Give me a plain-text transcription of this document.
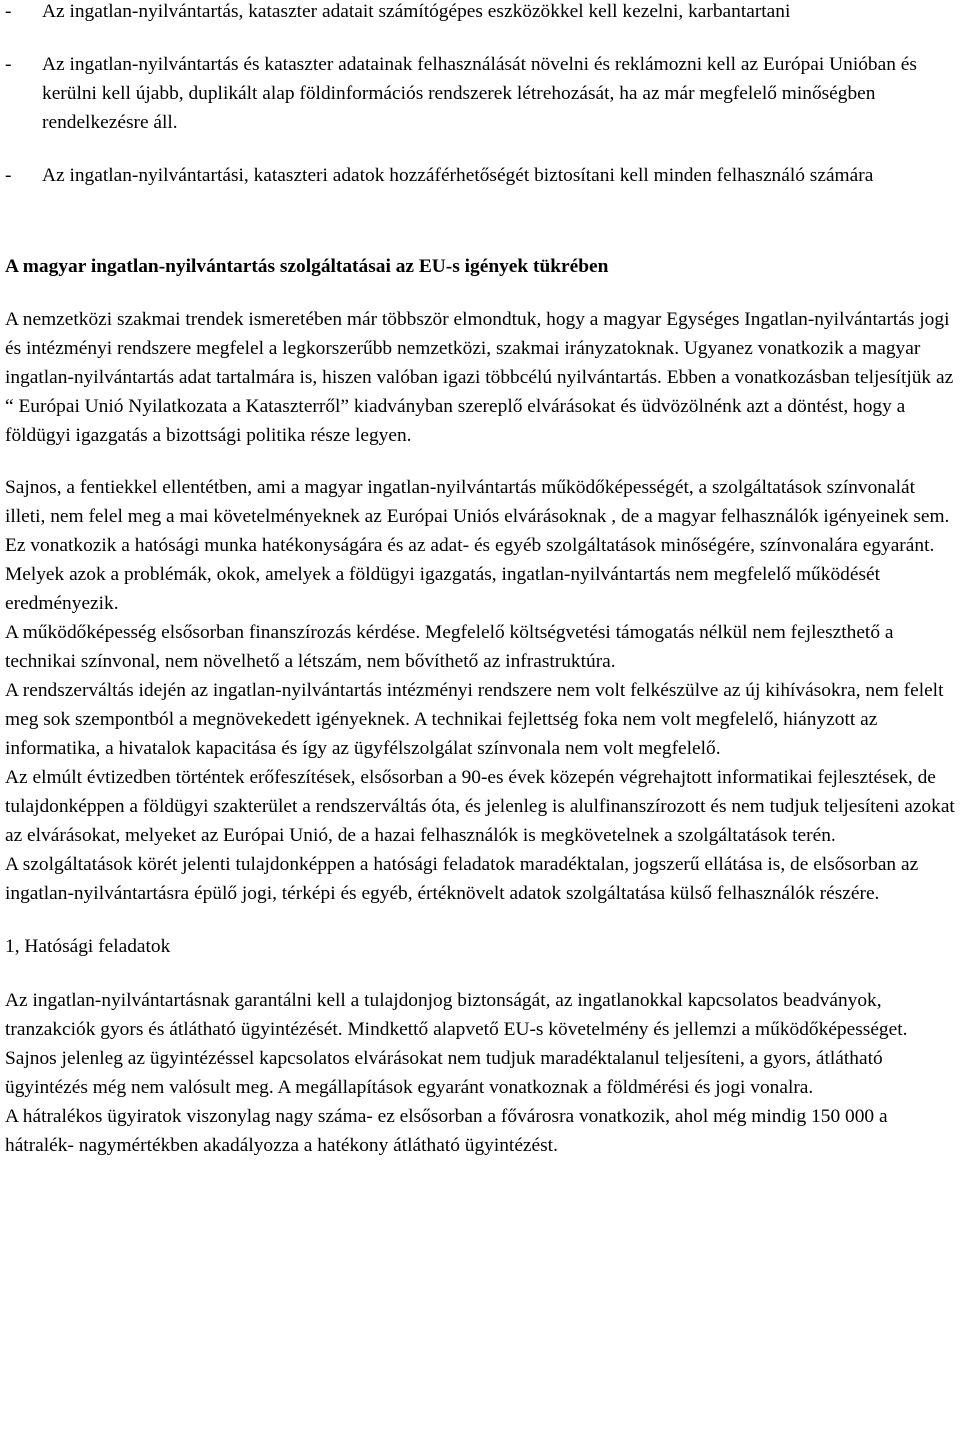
- Az ingatlan-nyilvántartás, kataszter adatait számítógépes eszközökkel kell kezelni, karbantartani
- Az ingatlan-nyilvántartás és kataszter adatainak felhasználását növelni és reklámozni kell az Európai Unióban és kerülni kell újabb, duplikált alap földinformációs rendszerek létrehozását, ha az már megfelelő minőségben rendelkezésre áll.
- Az ingatlan-nyilvántartási, kataszteri adatok hozzáférhetőségét biztosítani kell minden felhasználó számára
A magyar ingatlan-nyilvántartás szolgáltatásai az EU-s igények tükrében

A nemzetközi szakmai trendek ismeretében már többször elmondtuk, hogy a magyar Egységes Ingatlan-nyilvántartás jogi és intézményi rendszere megfelel a legkorszerűbb nemzetközi, szakmai irányzatoknak. Ugyanez vonatkozik a magyar ingatlan-nyilvántartás adat tartalmára is, hiszen valóban igazi többcélú nyilvántartás. Ebben a vonatkozásban teljesítjük az “ Európai Unió Nyilatkozata a Kataszterről” kiadványban szereplő elvárásokat és üdvözölnénk azt a döntést, hogy a földügyi igazgatás a bizottsági politika része legyen.

Sajnos, a fentiekkel ellentétben, ami a magyar ingatlan-nyilvántartás működőképességét, a szolgáltatások színvonalát illeti, nem felel meg a mai követelményeknek az Európai Uniós elvárásoknak , de a magyar felhasználók igényeinek sem. Ez vonatkozik a hatósági munka hatékonyságára és az adat- és egyéb szolgáltatások minőségére, színvonalára egyaránt. Melyek azok a problémák, okok, amelyek a földügyi igazgatás, ingatlan-nyilvántartás nem megfelelő működését eredményezik.

A működőképesség elsősorban finanszírozás kérdése. Megfelelő költségvetési támogatás nélkül nem fejleszthető a technikai színvonal, nem növelhető a létszám, nem bővíthető az infrastruktúra.

A rendszerváltás idején az ingatlan-nyilvántartás intézményi rendszere nem volt felkészülve az új kihívásokra, nem felelt meg sok szempontból a megnövekedett igényeknek. A technikai fejlettség foka nem volt megfelelő, hiányzott az informatika, a hivatalok kapacitása és így az ügyfélszolgálat színvonala nem volt megfelelő.

Az elmúlt évtizedben történtek erőfeszítések, elsősorban a 90-es évek közepén végrehajtott informatikai fejlesztések, de tulajdonképpen a földügyi szakterület a rendszerváltás óta, és jelenleg is alulfinanszírozott és nem tudjuk teljesíteni azokat az elvárásokat, melyeket az Európai Unió, de a hazai felhasználók is megkövetelnek a szolgáltatások terén.

A szolgáltatások körét jelenti tulajdonképpen a hatósági feladatok maradéktalan, jogszerű ellátása is, de elsősorban az ingatlan-nyilvántartásra épülő jogi, térképi és egyéb, értéknövelt adatok szolgáltatása külső felhasználók részére.

1, Hatósági feladatok

Az ingatlan-nyilvántartásnak garantálni kell a tulajdonjog biztonságát, az ingatlanokkal kapcsolatos beadványok, tranzakciók gyors és átlátható ügyintézését. Mindkettő alapvető EU-s követelmény és jellemzi a működőképességet. Sajnos jelenleg az ügyintézéssel kapcsolatos elvárásokat nem tudjuk maradéktalanul teljesíteni, a gyors, átlátható ügyintézés még nem valósult meg. A megállapítások egyaránt vonatkoznak a földmérési és jogi vonalra.

A hátralékos ügyiratok viszonylag nagy száma- ez elsősorban a fővárosra vonatkozik, ahol még mindig 150 000 a hátralék- nagymértékben akadályozza a hatékony átlátható ügyintézést.
